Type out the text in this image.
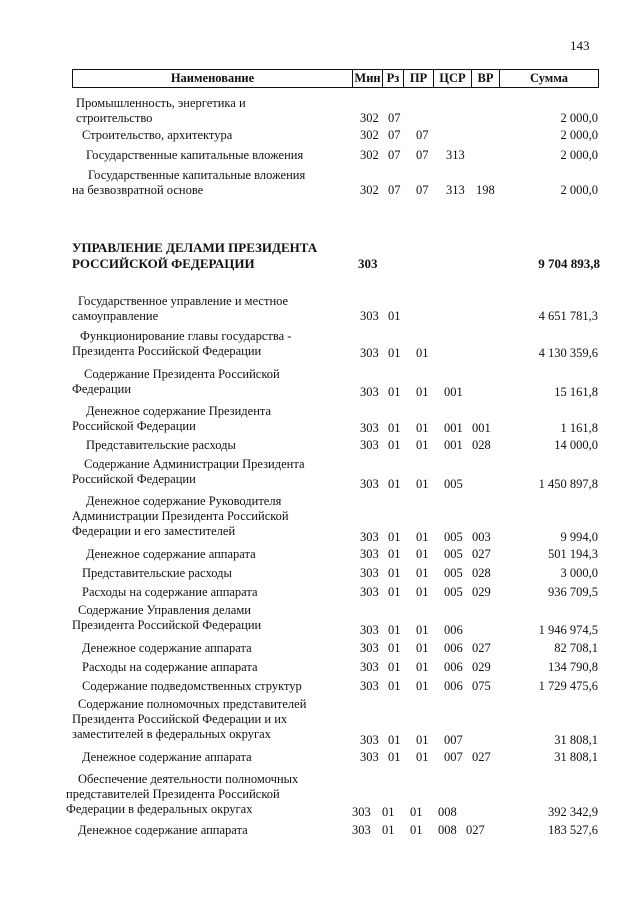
143
Наименование	Мин Рз ПР ЦСР ВР	Сумма
Промышленность, энергетика и
строительство	302 07	2 000,0
Строительство, архитектура	302 07 07	2 000,0
Государственные капитальные вложения	302 07 07 313	2 000,0
Государственные капитальные вложения
на безвозвратной основе	302 07 07 313 198	2 000,0
УПРАВЛЕНИЕ ДЕЛАМИ ПРЕЗИДЕНТА
РОССИЙСКОЙ ФЕДЕРАЦИИ	303	9 704 893,8
Государственное управление и местное
самоуправление	303 01	4 651 781,3
Функционирование главы государства -
Президента Российской Федерации	303 01 01	4 130 359,6
Содержание Президента Российской
Федерации	303 01 01 001	15 161,8
Денежное содержание Президента
Российской Федерации	303 01 01 001 001	1 161,8
Представительские расходы	303 01 01 001 028	14 000,0
Содержание Администрации Президента
Российской Федерации	303 01 01 005	1 450 897,8
Денежное содержание Руководителя
Администрации Президента Российской
Федерации и его заместителей	303 01 01 005 003	9 994,0
Денежное содержание аппарата	303 01 01 005 027	501 194,3
Представительские расходы	303 01 01 005 028	3 000,0
Расходы на содержание аппарата	303 01 01 005 029	936 709,5
Содержание Управления делами
Президента Российской Федерации	303 01 01 006	1 946 974,5
Денежное содержание аппарата	303 01 01 006 027	82 708,1
Расходы на содержание аппарата	303 01 01 006 029	134 790,8
Содержание подведомственных структур	303 01 01 006 075	1 729 475,6
Содержание полномочных представителей
Президента Российской Федерации и их
заместителей в федеральных округах	303 01 01 007	31 808,1
Денежное содержание аппарата	303 01 01 007 027	31 808,1
Обеспечение деятельности полномочных
представителей Президента Российской
Федерации в федеральных округах	303 01 01 008	392 342,9
Денежное содержание аппарата	303 01 01 008 027	183 527,6
